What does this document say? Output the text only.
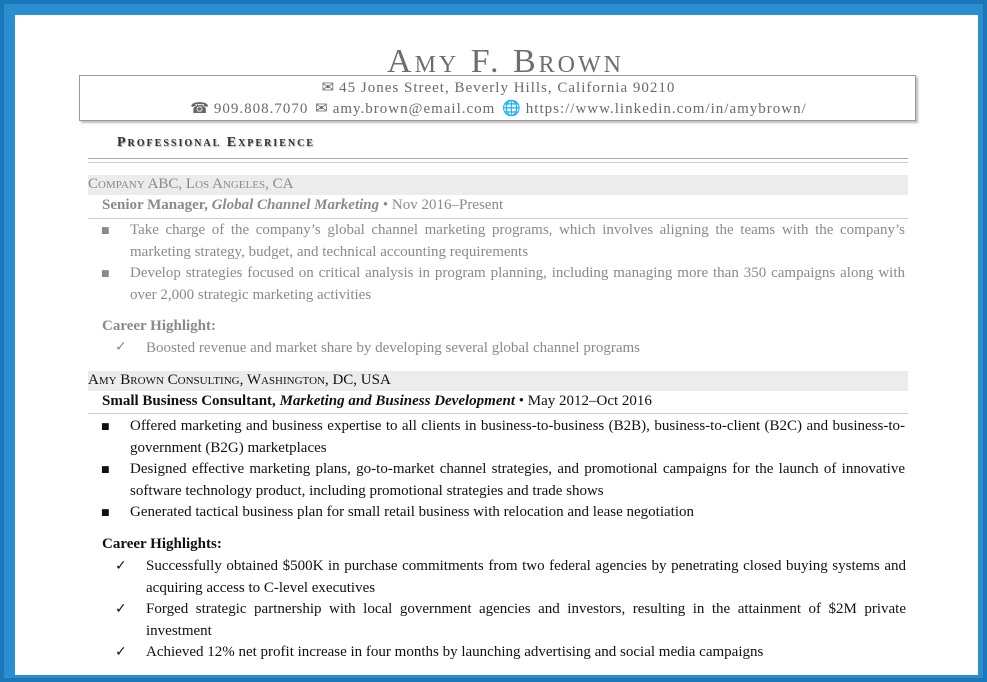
Amy F. Brown
✉ 45 Jones Street, Beverly Hills, California 90210
☎ 909.808.7070 ✉ amy.brown@email.com 🌐 https://www.linkedin.com/in/amybrown/
Professional Experience
Company ABC, Los Angeles, CA
Senior Manager, Global Channel Marketing • Nov 2016–Present
■ Take charge of the company’s global channel marketing programs, which involves aligning the teams with the company’s marketing strategy, budget, and technical accounting requirements
■ Develop strategies focused on critical analysis in program planning, including managing more than 350 campaigns along with over 2,000 strategic marketing activities
Career Highlight:
✓ Boosted revenue and market share by developing several global channel programs
Amy Brown Consulting, Washington, DC, USA
Small Business Consultant, Marketing and Business Development • May 2012–Oct 2016
■ Offered marketing and business expertise to all clients in business-to-business (B2B), business-to-client (B2C) and business-to-government (B2G) marketplaces
■ Designed effective marketing plans, go-to-market channel strategies, and promotional campaigns for the launch of innovative software technology product, including promotional strategies and trade shows
■ Generated tactical business plan for small retail business with relocation and lease negotiation
Career Highlights:
✓ Successfully obtained $500K in purchase commitments from two federal agencies by penetrating closed buying systems and acquiring access to C-level executives
✓ Forged strategic partnership with local government agencies and investors, resulting in the attainment of $2M private investment
✓ Achieved 12% net profit increase in four months by launching advertising and social media campaigns
